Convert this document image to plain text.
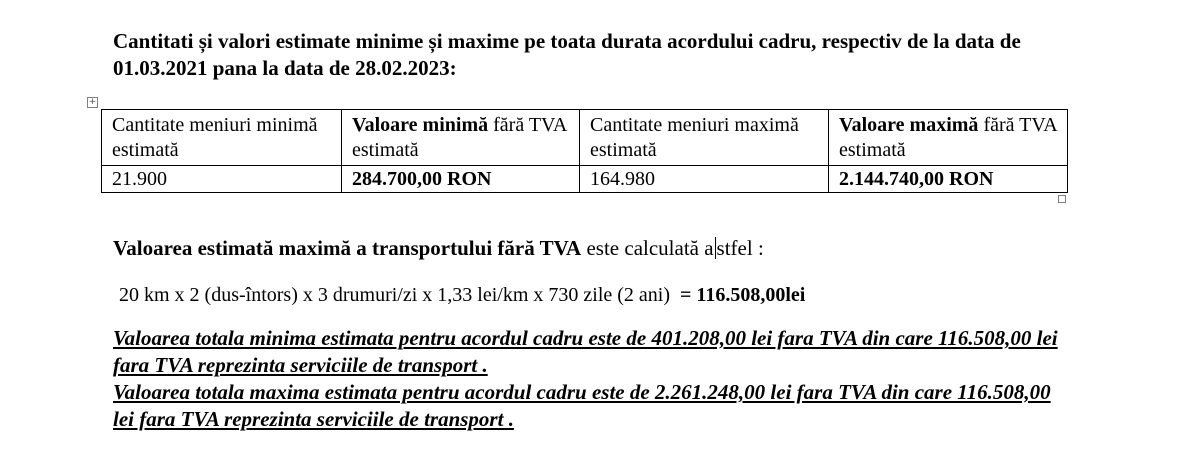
Cantitati și valori estimate minime și maxime pe toata durata acordului cadru, respectiv de la data de 01.03.2021 pana la data de 28.02.2023:
+
Cantitate meniuri minimă estimată	Valoare minimă fără TVA estimată	Cantitate meniuri maximă estimată	Valoare maximă fără TVA estimată
21.900	284.700,00 RON	164.980	2.144.740,00 RON
Valoarea estimată maximă a transportului fără TVA este calculată a stfel :
20 km x 2 (dus-întors) x 3 drumuri/zi x 1,33 lei/km x 730 zile (2 ani) = 116.508,00lei
Valoarea totala minima estimata pentru acordul cadru este de 401.208,00 lei fara TVA din care 116.508,00 lei fara TVA reprezinta serviciile de transport .
Valoarea totala maxima estimata pentru acordul cadru este de 2.261.248,00 lei fara TVA din care 116.508,00 lei fara TVA reprezinta serviciile de transport .
